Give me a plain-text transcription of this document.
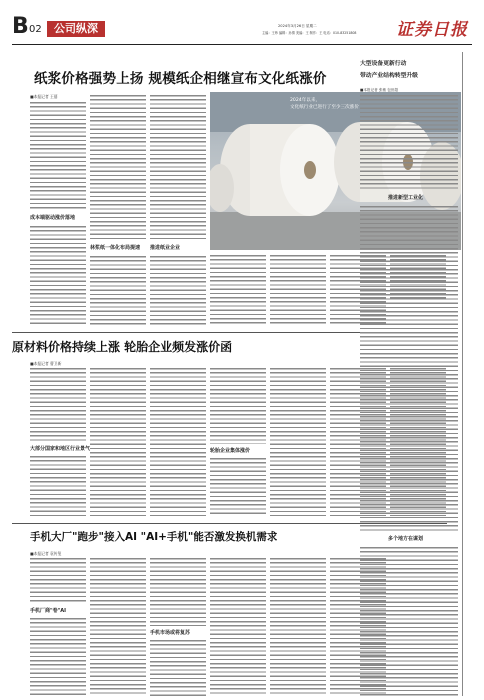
B 02	公司纵深	2024年3月26日 星期二
主编：王炜 编辑：孙倩 美编：王 制作：王 电话：010-83251808 证券日报
纸浆价格强势上扬 规模纸企相继宣布文化纸涨价
■本报记者 王僖
成本端驱动涨价落地
林浆纸一体化布局提速 推进纸业企业
2024年以来，
文化纸行业已进行了至少三次涨价
原材料价格持续上涨 轮胎企业频发涨价函
■本报记者 曹卫新
大部分国家和地区行业景气	轮胎企业集体涨价
手机大厂"跑步"接入AI "AI+手机"能否激发换机需求
■本报记者 袁传玺
手机厂商"卷"AI
手机市场或将复苏
大型设备更新行动
带动产业结构转型升级
■本报记者 张敏 包世超
推进新型工业化
多个地方在谋划
